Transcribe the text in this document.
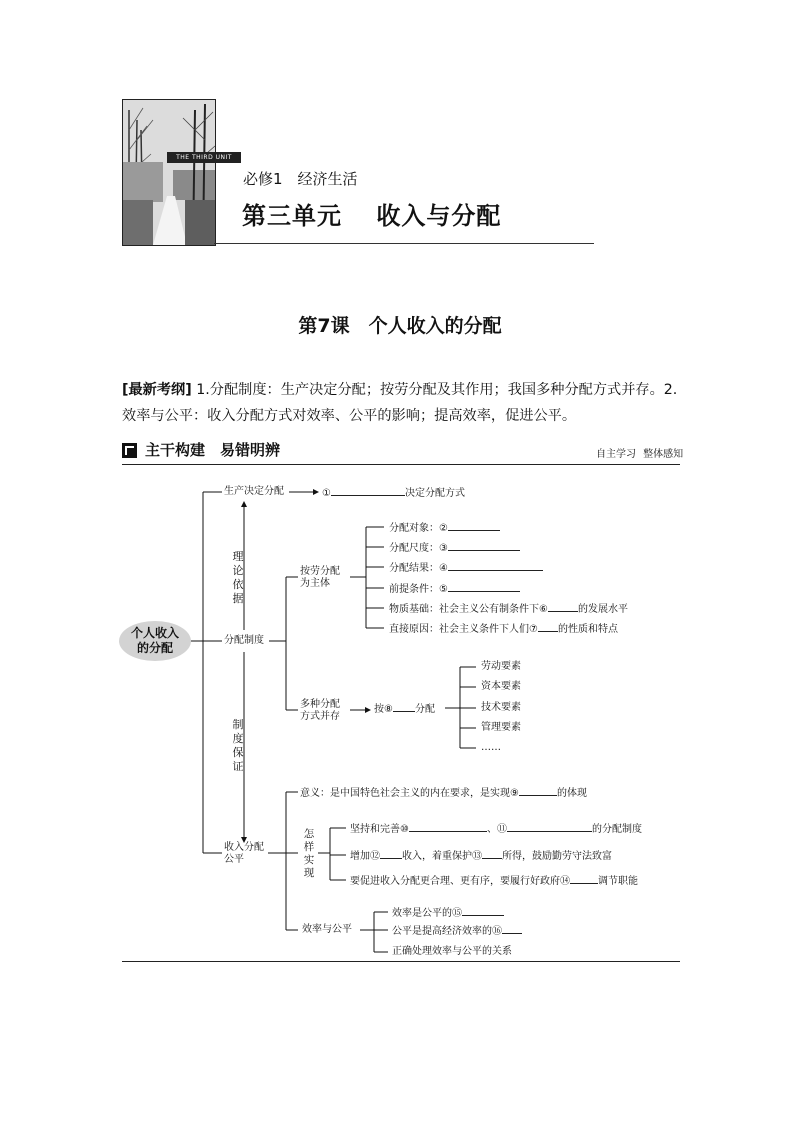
THE THIRD UNIT
必修1　经济生活
第三单元　 收入与分配
第7课　个人收入的分配
[最新考纲] 1.分配制度：生产决定分配；按劳分配及其作用；我国多种分配方式并存。2.效率与公平：收入分配方式对效率、公平的影响；提高效率，促进公平。
主干构建　易错明辨	自主学习 整体感知
个人收入
的分配
生产决定分配	①	决定分配方式
理论依据
分配制度
按劳分配
为主体
分配对象：②
分配尺度：③
分配结果：④
前提条件：⑤
物质基础：社会主义公有制条件下⑥	的发展水平
直接原因：社会主义条件下人们⑦ 的性质和特点
制度保证
多种分配
方式并存
按⑧ 分配
劳动要素
资本要素
技术要素
管理要素
……
收入分配
公平
意义：是中国特色社会主义的内在要求，是实现⑨	的体现
怎样实现
坚持和完善⑩	、⑪	的分配制度
增加⑫ 收入，着重保护⑬ 所得，鼓励勤劳守法致富
要促进收入分配更合理、更有序，要履行好政府⑭	调节职能
效率与公平
效率是公平的⑮
公平是提高经济效率的⑯
正确处理效率与公平的关系
